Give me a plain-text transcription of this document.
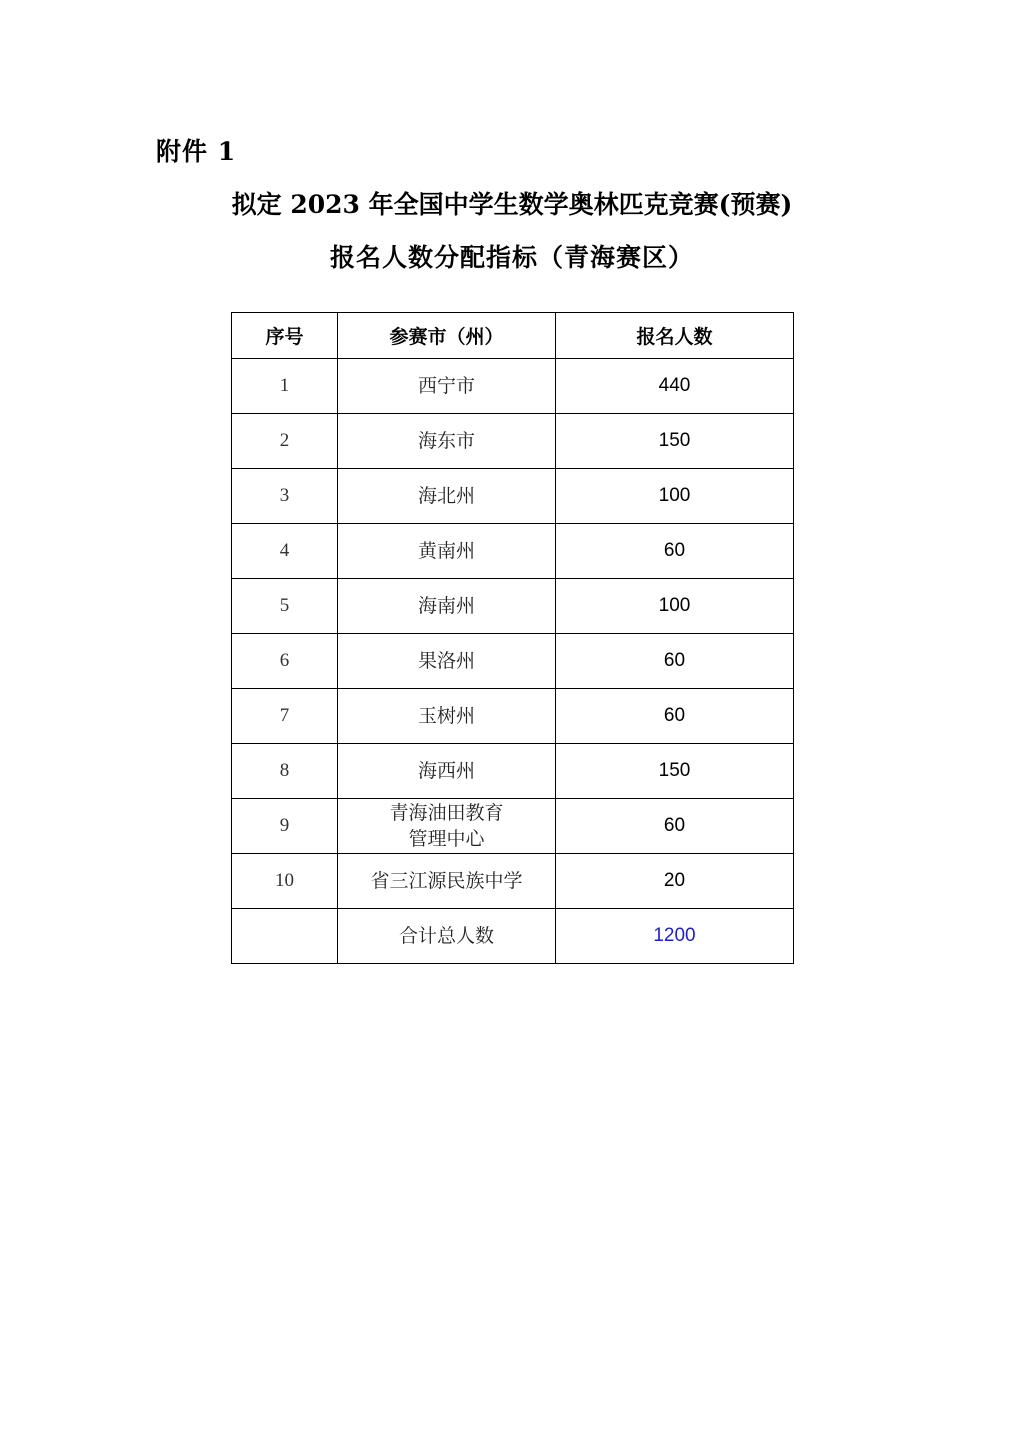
附件 1
拟定 2023 年全国中学生数学奥林匹克竞赛(预赛)
报名人数分配指标（青海赛区）
序号	参赛市（州）	报名人数
1	西宁市	440
2	海东市	150
3	海北州	100
4	黄南州	60
5	海南州	100
6	果洛州	60
7	玉树州	60
8	海西州	150
9	青海油田教育
管理中心	60
10	省三江源民族中学	20
	合计总人数	1200
